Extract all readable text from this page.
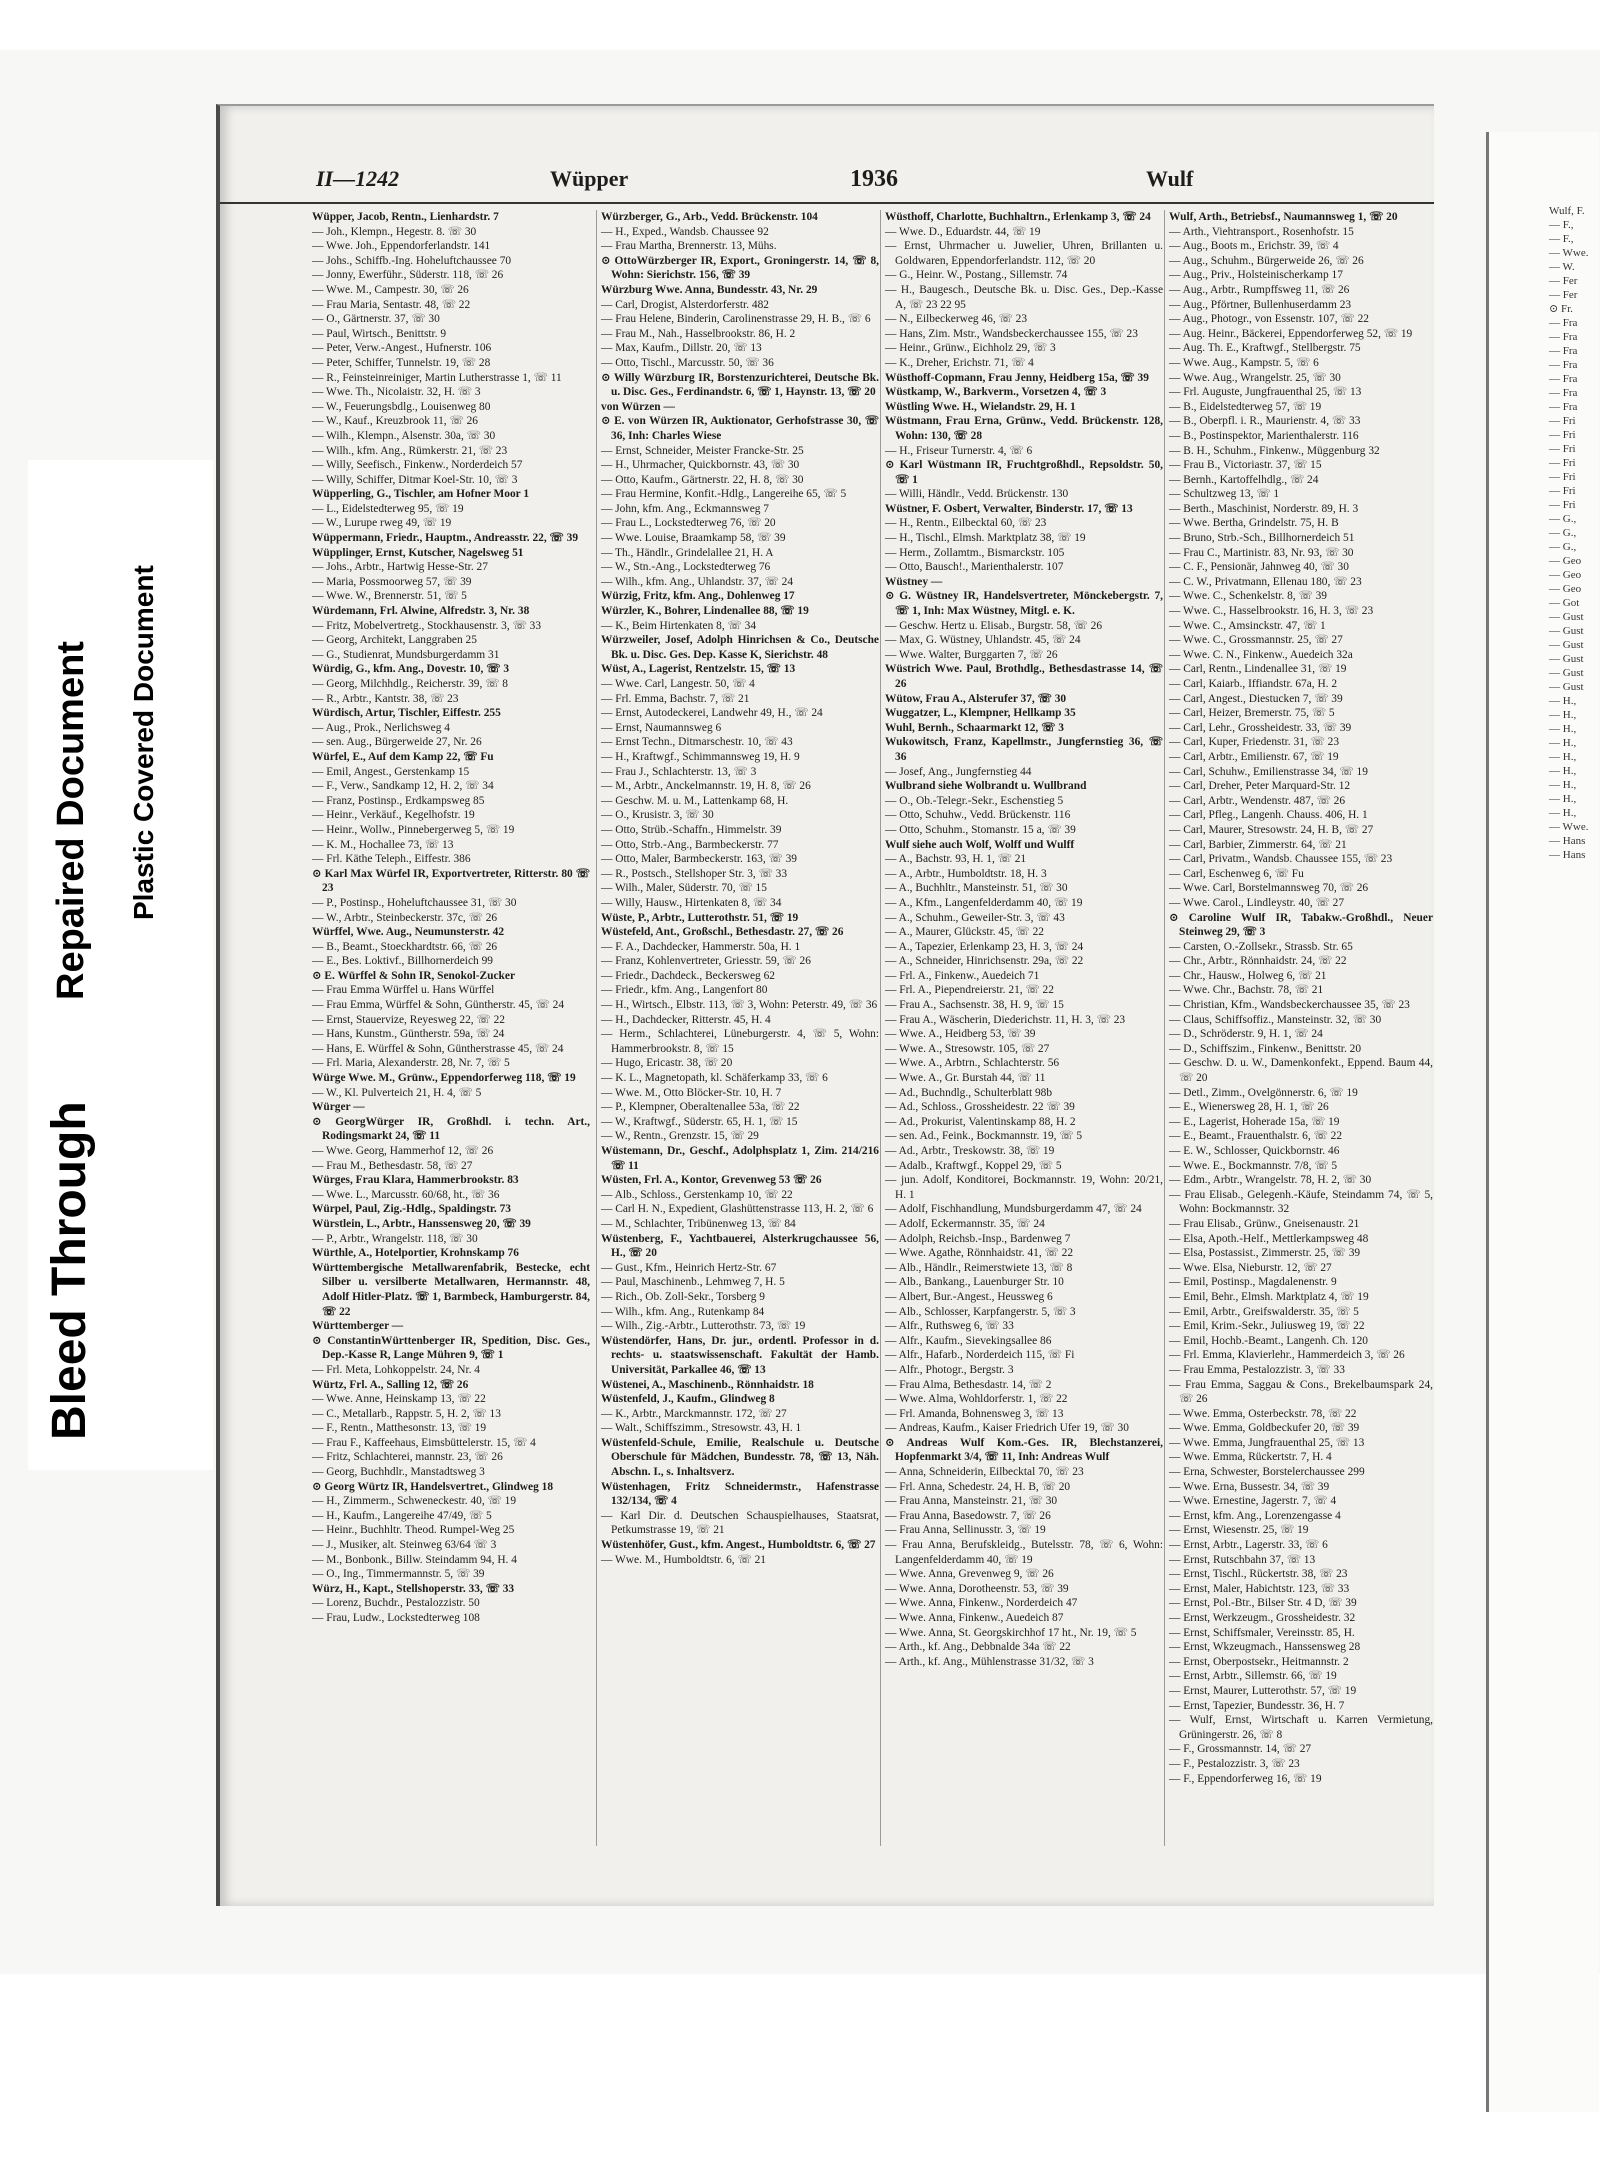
Bleed Through
Repaired Document Plastic Covered Document
II—1242	Wüpper	1936	Wulf

Wüpper, Jacob, Rentn., Lienhardstr. 7

— Joh., Klempn., Hegestr. 8. ☏ 30

— Wwe. Joh., Eppendorferlandstr. 141

— Johs., Schiffb.-Ing. Hoheluftchaussee 70

— Jonny, Ewerführ., Süderstr. 118, ☏ 26

— Wwe. M., Campestr. 30, ☏ 26

— Frau Maria, Sentastr. 48, ☏ 22

— O., Gärtnerstr. 37, ☏ 30

— Paul, Wirtsch., Benittstr. 9

— Peter, Verw.-Angest., Hufnerstr. 106

— Peter, Schiffer, Tunnelstr. 19, ☏ 28

— R., Feinsteinreiniger, Martin Lutherstrasse 1, ☏ 11

— Wwe. Th., Nicolaistr. 32, H. ☏ 3

— W., Feuerungsbdlg., Louisenweg 80

— W., Kauf., Kreuzbrook 11, ☏ 26

— Wilh., Klempn., Alsenstr. 30a, ☏ 30

— Wilh., kfm. Ang., Rümkerstr. 21, ☏ 23

— Willy, Seefisch., Finkenw., Norderdeich 57

— Willy, Schiffer, Ditmar Koel-Str. 10, ☏ 3

Wüpperling, G., Tischler, am Hofner Moor 1

— L., Eidelstedterweg 95, ☏ 19

— W., Lurupe rweg 49, ☏ 19

Wüppermann, Friedr., Hauptm., Andreasstr. 22, ☏ 39

Wüpplinger, Ernst, Kutscher, Nagelsweg 51

— Johs., Arbtr., Hartwig Hesse-Str. 27

— Maria, Possmoorweg 57, ☏ 39

— Wwe. W., Brennerstr. 51, ☏ 5

Würdemann, Frl. Alwine, Alfredstr. 3, Nr. 38

— Fritz, Mobelvertretg., Stockhausenstr. 3, ☏ 33

— Georg, Architekt, Langgraben 25

— G., Studienrat, Mundsburgerdamm 31

Würdig, G., kfm. Ang., Dovestr. 10, ☏ 3

— Georg, Milchhdlg., Reicherstr. 39, ☏ 8

— R., Arbtr., Kantstr. 38, ☏ 23

Würdisch, Artur, Tischler, Eiffestr. 255

— Aug., Prok., Nerlichsweg 4

— sen. Aug., Bürgerweide 27, Nr. 26

Würfel, E., Auf dem Kamp 22, ☏ Fu

— Emil, Angest., Gerstenkamp 15

— F., Verw., Sandkamp 12, H. 2, ☏ 34

— Franz, Postinsp., Erdkampsweg 85

— Heinr., Verkäuf., Kegelhofstr. 19

— Heinr., Wollw., Pinnebergerweg 5, ☏ 19

— K. M., Hochallee 73, ☏ 13

— Frl. Käthe Teleph., Eiffestr. 386

⊙ Karl Max Würfel IR, Exportvertreter, Ritterstr. 80 ☏ 23

— P., Postinsp., Hoheluftchaussee 31, ☏ 30

— W., Arbtr., Steinbeckerstr. 37c, ☏ 26

Würffel, Wwe. Aug., Neumunsterstr. 42

— B., Beamt., Stoeckhardtstr. 66, ☏ 26

— E., Bes. Loktivf., Billhornerdeich 99

⊙ E. Würffel & Sohn IR, Senokol-Zucker

— Frau Emma Würffel u. Hans Würffel

— Frau Emma, Würffel & Sohn, Güntherstr. 45, ☏ 24

— Ernst, Stauervize, Reyesweg 22, ☏ 22

— Hans, Kunstm., Güntherstr. 59a, ☏ 24

— Hans, E. Würffel & Sohn, Güntherstrasse 45, ☏ 24

— Frl. Maria, Alexanderstr. 28, Nr. 7, ☏ 5

Würge Wwe. M., Grünw., Eppendorferweg 118, ☏ 19

— W., Kl. Pulverteich 21, H. 4, ☏ 5

Würger —

⊙ GeorgWürger IR, Großhdl. i. techn. Art., Rodingsmarkt 24, ☏ 11

— Wwe. Georg, Hammerhof 12, ☏ 26

— Frau M., Bethesdastr. 58, ☏ 27

Würges, Frau Klara, Hammerbrookstr. 83

— Wwe. L., Marcusstr. 60/68, ht., ☏ 36

Würpel, Paul, Zig.-Hdlg., Spaldingstr. 73

Würstlein, L., Arbtr., Hanssensweg 20, ☏ 39

— P., Arbtr., Wrangelstr. 118, ☏ 30

Würthle, A., Hotelportier, Krohnskamp 76

Württembergische Metallwarenfabrik, Bestecke, echt Silber u. versilberte Metallwaren, Hermannstr. 48, Adolf Hitler-Platz. ☏ 1, Barmbeck, Hamburgerstr. 84, ☏ 22

Württemberger —

⊙ ConstantinWürttenberger IR, Spedition, Disc. Ges., Dep.-Kasse R, Lange Mühren 9, ☏ 1

— Frl. Meta, Lohkoppelstr. 24, Nr. 4

Würtz, Frl. A., Salling 12, ☏ 26

— Wwe. Anne, Heinskamp 13, ☏ 22

— C., Metallarb., Rappstr. 5, H. 2, ☏ 13

— F., Rentn., Matthesonstr. 13, ☏ 19

— Frau F., Kaffeehaus, Eimsbüttelerstr. 15, ☏ 4

— Fritz, Schlachterei, mannstr. 23, ☏ 26

— Georg, Buchhdlr., Manstadtsweg 3

⊙ Georg Würtz IR, Handelsvertret., Glindweg 18

— H., Zimmerm., Schweneckestr. 40, ☏ 19

— H., Kaufm., Langereihe 47/49, ☏ 5

— Heinr., Buchhltr. Theod. Rumpel-Weg 25

— J., Musiker, alt. Steinweg 63/64 ☏ 3

— M., Bonbonk., Billw. Steindamm 94, H. 4

— O., Ing., Timmermannstr. 5, ☏ 39

Würz, H., Kapt., Stellshoperstr. 33, ☏ 33

— Lorenz, Buchdr., Pestalozzistr. 50

— Frau, Ludw., Lockstedterweg 108

Würzberger, G., Arb., Vedd. Brückenstr. 104

— H., Exped., Wandsb. Chaussee 92

— Frau Martha, Brennerstr. 13, Mühs.

⊙ OttoWürzberger IR, Export., Groningerstr. 14, ☏ 8, Wohn: Sierichstr. 156, ☏ 39

Würzburg Wwe. Anna, Bundesstr. 43, Nr. 29

— Carl, Drogist, Alsterdorferstr. 482

— Frau Helene, Binderin, Carolinenstrasse 29, H. B., ☏ 6

— Frau M., Nah., Hasselbrookstr. 86, H. 2

— Max, Kaufm., Dillstr. 20, ☏ 13

— Otto, Tischl., Marcusstr. 50, ☏ 36

⊙ Willy Würzburg IR, Borstenzurichterei, Deutsche Bk. u. Disc. Ges., Ferdinandstr. 6, ☏ 1, Haynstr. 13, ☏ 20

von Würzen —

⊙ E. von Würzen IR, Auktionator, Gerhofstrasse 30, ☏ 36, Inh: Charles Wiese

— Ernst, Schneider, Meister Francke-Str. 25

— H., Uhrmacher, Quickbornstr. 43, ☏ 30

— Otto, Kaufm., Gärtnerstr. 22, H. 8, ☏ 30

— Frau Hermine, Konfit.-Hdlg., Langereihe 65, ☏ 5

— John, kfm. Ang., Eckmannsweg 7

— Frau L., Lockstedterweg 76, ☏ 20

— Wwe. Louise, Braamkamp 58, ☏ 39

— Th., Händlr., Grindelallee 21, H. A

— W., Stn.-Ang., Lockstedterweg 76

— Wilh., kfm. Ang., Uhlandstr. 37, ☏ 24

Würzig, Fritz, kfm. Ang., Dohlenweg 17

Würzler, K., Bohrer, Lindenallee 88, ☏ 19

— K., Beim Hirtenkaten 8, ☏ 34

Würzweiler, Josef, Adolph Hinrichsen & Co., Deutsche Bk. u. Disc. Ges. Dep. Kasse K, Sierichstr. 48

Wüst, A., Lagerist, Rentzelstr. 15, ☏ 13

— Wwe. Carl, Langestr. 50, ☏ 4

— Frl. Emma, Bachstr. 7, ☏ 21

— Ernst, Autodeckerei, Landwehr 49, H., ☏ 24

— Ernst, Naumannsweg 6

— Ernst Techn., Ditmarschestr. 10, ☏ 43

— H., Kraftwgf., Schimmannsweg 19, H. 9

— Frau J., Schlachterstr. 13, ☏ 3

— M., Arbtr., Anckelmannstr. 19, H. 8, ☏ 26

— Geschw. M. u. M., Lattenkamp 68, H.

— O., Krusistr. 3, ☏ 30

— Otto, Strüb.-Schaffn., Himmelstr. 39

— Otto, Strb.-Ang., Barmbeckerstr. 77

— Otto, Maler, Barmbeckerstr. 163, ☏ 39

— R., Postsch., Stellshoper Str. 3, ☏ 33

— Wilh., Maler, Süderstr. 70, ☏ 15

— Willy, Hausw., Hirtenkaten 8, ☏ 34

Wüste, P., Arbtr., Lutterothstr. 51, ☏ 19

Wüstefeld, Ant., Großschl., Bethesdastr. 27, ☏ 26

— F. A., Dachdecker, Hammerstr. 50a, H. 1

— Franz, Kohlenvertreter, Griesstr. 59, ☏ 26

— Friedr., Dachdeck., Beckersweg 62

— Friedr., kfm. Ang., Langenfort 80

— H., Wirtsch., Elbstr. 113, ☏ 3, Wohn: Peterstr. 49, ☏ 36

— H., Dachdecker, Ritterstr. 45, H. 4

— Herm., Schlachterei, Lüneburgerstr. 4, ☏ 5, Wohn: Hammerbrookstr. 8, ☏ 15

— Hugo, Ericastr. 38, ☏ 20

— K. L., Magnetopath, kl. Schäferkamp 33, ☏ 6

— Wwe. M., Otto Blöcker-Str. 10, H. 7

— P., Klempner, Oberaltenallee 53a, ☏ 22

— W., Kraftwgf., Süderstr. 65, H. 1, ☏ 15

— W., Rentn., Grenzstr. 15, ☏ 29

Wüstemann, Dr., Geschf., Adolphsplatz 1, Zim. 214/216 ☏ 11

Wüsten, Frl. A., Kontor, Grevenweg 53 ☏ 26

— Alb., Schloss., Gerstenkamp 10, ☏ 22

— Carl H. N., Expedient, Glashüttenstrasse 113, H. 2, ☏ 6

— M., Schlachter, Tribünenweg 13, ☏ 84

Wüstenberg, F., Yachtbauerei, Alsterkrugchaussee 56, H., ☏ 20

— Gust., Kfm., Heinrich Hertz-Str. 67

— Paul, Maschinenb., Lehmweg 7, H. 5

— Rich., Ob. Zoll-Sekr., Torsberg 9

— Wilh., kfm. Ang., Rutenkamp 84

— Wilh., Zig.-Arbtr., Lutterothstr. 73, ☏ 19

Wüstendörfer, Hans, Dr. jur., ordentl. Professor in d. rechts- u. staatswissenschaft. Fakultät der Hamb. Universität, Parkallee 46, ☏ 13

Wüstenei, A., Maschinenb., Rönnhaidstr. 18

Wüstenfeld, J., Kaufm., Glindweg 8

— K., Arbtr., Marckmannstr. 172, ☏ 27

— Walt., Schiffszimm., Stresowstr. 43, H. 1

Wüstenfeld-Schule, Emilie, Realschule u. Deutsche Oberschule für Mädchen, Bundesstr. 78, ☏ 13, Näh. Abschn. I., s. Inhaltsverz.

Wüstenhagen, Fritz Schneidermstr., Hafenstrasse 132/134, ☏ 4

— Karl Dir. d. Deutschen Schauspielhauses, Staatsrat, Petkumstrasse 19, ☏ 21

Wüstenhöfer, Gust., kfm. Angest., Humboldtstr. 6, ☏ 27

— Wwe. M., Humboldtstr. 6, ☏ 21

Wüsthoff, Charlotte, Buchhaltrn., Erlenkamp 3, ☏ 24

— Wwe. D., Eduardstr. 44, ☏ 19

— Ernst, Uhrmacher u. Juwelier, Uhren, Brillanten u. Goldwaren, Eppendorferlandstr. 112, ☏ 20

— G., Heinr. W., Postang., Sillemstr. 74

— H., Baugesch., Deutsche Bk. u. Disc. Ges., Dep.-Kasse A, ☏ 23 22 95

— N., Eilbeckerweg 46, ☏ 23

— Hans, Zim. Mstr., Wandsbeckerchaussee 155, ☏ 23

— Heinr., Grünw., Eichholz 29, ☏ 3

— K., Dreher, Erichstr. 71, ☏ 4

Wüsthoff-Copmann, Frau Jenny, Heidberg 15a, ☏ 39

Wüstkamp, W., Barkverm., Vorsetzen 4, ☏ 3

Wüstling Wwe. H., Wielandstr. 29, H. 1

Wüstmann, Frau Erna, Grünw., Vedd. Brückenstr. 128, Wohn: 130, ☏ 28

— H., Friseur Turnerstr. 4, ☏ 6

⊙ Karl Wüstmann IR, Fruchtgroßhdl., Repsoldstr. 50, ☏ 1

— Willi, Händlr., Vedd. Brückenstr. 130

Wüstner, F. Osbert, Verwalter, Binderstr. 17, ☏ 13

— H., Rentn., Eilbecktal 60, ☏ 23

— H., Tischl., Elmsh. Marktplatz 38, ☏ 19

— Herm., Zollamtm., Bismarckstr. 105

— Otto, Bausch!., Marienthalerstr. 107

Wüstney —

⊙ G. Wüstney IR, Handelsvertreter, Mönckebergstr. 7, ☏ 1, Inh: Max Wüstney, Mitgl. e. K.

— Geschw. Hertz u. Elisab., Burgstr. 58, ☏ 26

— Max, G. Wüstney, Uhlandstr. 45, ☏ 24

— Wwe. Walter, Burggarten 7, ☏ 26

Wüstrich Wwe. Paul, Brothdlg., Bethesdastrasse 14, ☏ 26

Wütow, Frau A., Alsterufer 37, ☏ 30

Wuggatzer, L., Klempner, Hellkamp 35

Wuhl, Bernh., Schaarmarkt 12, ☏ 3

Wukowitsch, Franz, Kapellmstr., Jungfernstieg 36, ☏ 36

— Josef, Ang., Jungfernstieg 44

Wulbrand siehe Wolbrandt u. Wullbrand

— O., Ob.-Telegr.-Sekr., Eschenstieg 5

— Otto, Schuhw., Vedd. Brückenstr. 116

— Otto, Schuhm., Stomanstr. 15 a, ☏ 39

Wulf siehe auch Wolf, Wolff und Wulff

— A., Bachstr. 93, H. 1, ☏ 21

— A., Arbtr., Humboldtstr. 18, H. 3

— A., Buchhltr., Mansteinstr. 51, ☏ 30

— A., Kfm., Langenfelderdamm 40, ☏ 19

— A., Schuhm., Geweiler-Str. 3, ☏ 43

— A., Maurer, Glückstr. 45, ☏ 22

— A., Tapezier, Erlenkamp 23, H. 3, ☏ 24

— A., Schneider, Hinrichsenstr. 29a, ☏ 22

— Frl. A., Finkenw., Auedeich 71

— Frl. A., Piependreierstr. 21, ☏ 22

— Frau A., Sachsenstr. 38, H. 9, ☏ 15

— Frau A., Wäscherin, Diederichstr. 11, H. 3, ☏ 23

— Wwe. A., Heidberg 53, ☏ 39

— Wwe. A., Stresowstr. 105, ☏ 27

— Wwe. A., Arbtrn., Schlachterstr. 56

— Wwe. A., Gr. Burstah 44, ☏ 11

— Ad., Buchndlg., Schulterblatt 98b

— Ad., Schloss., Grossheidestr. 22 ☏ 39

— Ad., Prokurist, Valentinskamp 88, H. 2

— sen. Ad., Feink., Bockmannstr. 19, ☏ 5

— Ad., Arbtr., Treskowstr. 38, ☏ 19

— Adalb., Kraftwgf., Koppel 29, ☏ 5

— jun. Adolf, Konditorei, Bockmannstr. 19, Wohn: 20/21, H. 1

— Adolf, Fischhandlung, Mundsburgerdamm 47, ☏ 24

— Adolf, Eckermannstr. 35, ☏ 24

— Adolph, Reichsb.-Insp., Bardenweg 7

— Wwe. Agathe, Rönnhaidstr. 41, ☏ 22

— Alb., Händlr., Reimerstwiete 13, ☏ 8

— Alb., Bankang., Lauenburger Str. 10

— Albert, Bur.-Angest., Heussweg 6

— Alb., Schlosser, Karpfangerstr. 5, ☏ 3

— Alfr., Ruthsweg 6, ☏ 33

— Alfr., Kaufm., Sievekingsallee 86

— Alfr., Hafarb., Norderdeich 115, ☏ Fi

— Alfr., Photogr., Bergstr. 3

— Frau Alma, Bethesdastr. 14, ☏ 2

— Wwe. Alma, Wohldorferstr. 1, ☏ 22

— Frl. Amanda, Bohnensweg 3, ☏ 13

— Andreas, Kaufm., Kaiser Friedrich Ufer 19, ☏ 30

⊙ Andreas Wulf Kom.-Ges. IR, Blechstanzerei, Hopfenmarkt 3/4, ☏ 11, Inh: Andreas Wulf

— Anna, Schneiderin, Eilbecktal 70, ☏ 23

— Frl. Anna, Schedestr. 24, H. B, ☏ 20

— Frau Anna, Mansteinstr. 21, ☏ 30

— Frau Anna, Basedowstr. 7, ☏ 26

— Frau Anna, Sellinusstr. 3, ☏ 19

— Frau Anna, Berufskleidg., Butelsstr. 78, ☏ 6, Wohn: Langenfelderdamm 40, ☏ 19

— Wwe. Anna, Grevenweg 9, ☏ 26

— Wwe. Anna, Dorotheenstr. 53, ☏ 39

— Wwe. Anna, Finkenw., Norderdeich 47

— Wwe. Anna, Finkenw., Auedeich 87

— Wwe. Anna, St. Georgskirchhof 17 ht., Nr. 19, ☏ 5

— Arth., kf. Ang., Debbnalde 34a ☏ 22

— Arth., kf. Ang., Mühlenstrasse 31/32, ☏ 3

Wulf, Arth., Betriebsf., Naumannsweg 1, ☏ 20

— Arth., Viehtransport., Rosenhofstr. 15

— Aug., Boots m., Erichstr. 39, ☏ 4

— Aug., Schuhm., Bürgerweide 26, ☏ 26

— Aug., Priv., Holsteinischerkamp 17

— Aug., Arbtr., Rumpffsweg 11, ☏ 26

— Aug., Pförtner, Bullenhuserdamm 23

— Aug., Photogr., von Essenstr. 107, ☏ 22

— Aug. Heinr., Bäckerei, Eppendorferweg 52, ☏ 19

— Aug. Th. E., Kraftwgf., Stellbergstr. 75

— Wwe. Aug., Kampstr. 5, ☏ 6

— Wwe. Aug., Wrangelstr. 25, ☏ 30

— Frl. Auguste, Jungfrauenthal 25, ☏ 13

— B., Eidelstedterweg 57, ☏ 19

— B., Oberpfl. i. R., Maurienstr. 4, ☏ 33

— B., Postinspektor, Marienthalerstr. 116

— B. H., Schuhm., Finkenw., Müggenburg 32

— Frau B., Victoriastr. 37, ☏ 15

— Bernh., Kartoffelhdlg., ☏ 24

— Schultzweg 13, ☏ 1

— Berth., Maschinist, Norderstr. 89, H. 3

— Wwe. Bertha, Grindelstr. 75, H. B

— Bruno, Strb.-Sch., Billhornerdeich 51

— Frau C., Martinistr. 83, Nr. 93, ☏ 30

— C. F., Pensionär, Jahnweg 40, ☏ 30

— C. W., Privatmann, Ellenau 180, ☏ 23

— Wwe. C., Schenkelstr. 8, ☏ 39

— Wwe. C., Hasselbrookstr. 16, H. 3, ☏ 23

— Wwe. C., Amsinckstr. 47, ☏ 1

— Wwe. C., Grossmannstr. 25, ☏ 27

— Wwe. C. N., Finkenw., Auedeich 32a

— Carl, Rentn., Lindenallee 31, ☏ 19

— Carl, Kaiarb., Iffiandstr. 67a, H. 2

— Carl, Angest., Diestucken 7, ☏ 39

— Carl, Heizer, Bremerstr. 75, ☏ 5

— Carl, Lehr., Grossheidestr. 33, ☏ 39

— Carl, Kuper, Friedenstr. 31, ☏ 23

— Carl, Arbtr., Emilienstr. 67, ☏ 19

— Carl, Schuhw., Emilienstrasse 34, ☏ 19

— Carl, Dreher, Peter Marquard-Str. 12

— Carl, Arbtr., Wendenstr. 487, ☏ 26

— Carl, Pfleg., Langenh. Chauss. 406, H. 1

— Carl, Maurer, Stresowstr. 24, H. B, ☏ 27

— Carl, Barbier, Zimmerstr. 64, ☏ 21

— Carl, Privatm., Wandsb. Chaussee 155, ☏ 23

— Carl, Eschenweg 6, ☏ Fu

— Wwe. Carl, Borstelmannsweg 70, ☏ 26

— Wwe. Carol., Lindleystr. 40, ☏ 27

⊙ Caroline Wulf IR, Tabakw.-Großhdl., Neuer Steinweg 29, ☏ 3

— Carsten, O.-Zollsekr., Strassb. Str. 65

— Chr., Arbtr., Rönnhaidstr. 24, ☏ 22

— Chr., Hausw., Holweg 6, ☏ 21

— Wwe. Chr., Bachstr. 78, ☏ 21

— Christian, Kfm., Wandsbeckerchaussee 35, ☏ 23

— Claus, Schiffsoffiz., Mansteinstr. 32, ☏ 30

— D., Schröderstr. 9, H. 1, ☏ 24

— D., Schiffszim., Finkenw., Benittstr. 20

— Geschw. D. u. W., Damenkonfekt., Eppend. Baum 44, ☏ 20

— Detl., Zimm., Ovelgönnerstr. 6, ☏ 19

— E., Wienersweg 28, H. 1, ☏ 26

— E., Lagerist, Hoherade 15a, ☏ 19

— E., Beamt., Frauenthalstr. 6, ☏ 22

— E. W., Schlosser, Quickbornstr. 46

— Wwe. E., Bockmannstr. 7/8, ☏ 5

— Edm., Arbtr., Wrangelstr. 78, H. 2, ☏ 30

— Frau Elisab., Gelegenh.-Käufe, Steindamm 74, ☏ 5, Wohn: Bockmannstr. 32

— Frau Elisab., Grünw., Gneisenaustr. 21

— Elsa, Apoth.-Helf., Mettlerkampsweg 48

— Elsa, Postassist., Zimmerstr. 25, ☏ 39

— Wwe. Elsa, Nieburstr. 12, ☏ 27

— Emil, Postinsp., Magdalenenstr. 9

— Emil, Behr., Elmsh. Marktplatz 4, ☏ 19

— Emil, Arbtr., Greifswalderstr. 35, ☏ 5

— Emil, Krim.-Sekr., Juliusweg 19, ☏ 22

— Emil, Hochb.-Beamt., Langenh. Ch. 120

— Frl. Emma, Klavierlehr., Hammerdeich 3, ☏ 26

— Frau Emma, Pestalozzistr. 3, ☏ 33

— Frau Emma, Saggau & Cons., Brekelbaumspark 24, ☏ 26

— Wwe. Emma, Osterbeckstr. 78, ☏ 22

— Wwe. Emma, Goldbeckufer 20, ☏ 39

— Wwe. Emma, Jungfrauenthal 25, ☏ 13

— Wwe. Emma, Rückertstr. 7, H. 4

— Erna, Schwester, Borstelerchaussee 299

— Wwe. Erna, Bussestr. 34, ☏ 39

— Wwe. Ernestine, Jagerstr. 7, ☏ 4

— Ernst, kfm. Ang., Lorenzengasse 4

— Ernst, Wiesenstr. 25, ☏ 19

— Ernst, Arbtr., Lagerstr. 33, ☏ 6

— Ernst, Rutschbahn 37, ☏ 13

— Ernst, Tischl., Rückertstr. 38, ☏ 23

— Ernst, Maler, Habichtstr. 123, ☏ 33

— Ernst, Pol.-Btr., Bilser Str. 4 D, ☏ 39

— Ernst, Werkzeugm., Grossheidestr. 32

— Ernst, Schiffsmaler, Vereinsstr. 85, H.

— Ernst, Wkzeugmach., Hanssensweg 28

— Ernst, Oberpostsekr., Heitmannstr. 2

— Ernst, Arbtr., Sillemstr. 66, ☏ 19

— Ernst, Maurer, Lutterothstr. 57, ☏ 19

— Ernst, Tapezier, Bundesstr. 36, H. 7

— Wulf, Ernst, Wirtschaft u. Karren Vermietung, Grüningerstr. 26, ☏ 8

— F., Grossmannstr. 14, ☏ 27

— F., Pestalozzistr. 3, ☏ 23

— F., Eppendorferweg 16, ☏ 19

Wulf, F.
— F.,
— F.,
— Wwe.
— W.
— Fer
— Fer
⊙ Fr.
— Fra
— Fra
— Fra
— Fra
— Fra
— Fra
— Fra
— Fri
— Fri
— Fri
— Fri
— Fri
— Fri
— Fri
— G.,
— G.,
— G.,
— Geo
— Geo
— Geo
— Got
— Gust
— Gust
— Gust
— Gust
— Gust
— Gust
— H.,
— H.,
— H.,
— H.,
— H.,
— H.,
— H.,
— H.,
— H.,
— Wwe.
— Hans
— Hans
